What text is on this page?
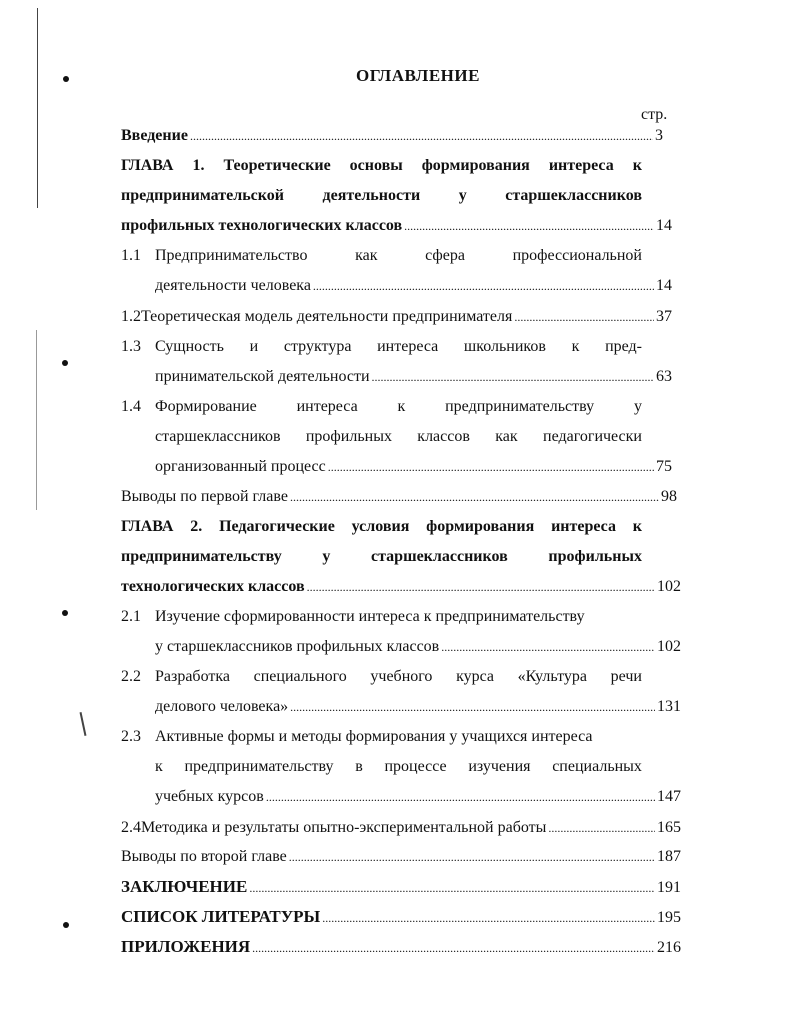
ОГЛАВЛЕНИЕ
стр.
Введение . . .	3
ГЛАВА 1. Теоретические основы формирования интереса к
предпринимательской деятельности у старшеклассников
профильных технологических классов . . .	14
1.1 Предпринимательство	как	сфера	профессиональной
деятельности человека . . .	14
1.2 Теоретическая модель деятельности предпринимателя . . .	37
1.3 Сущность и структура интереса школьников к пред-
принимательской деятельности . . .	63
1.4 Формирование интереса к предпринимательству у
старшеклассников профильных классов как педагогически
организованный процесс . . .	75
Выводы по первой главе . . .	98
ГЛАВА 2. Педагогические условия формирования интереса к
предпринимательству	у	старшеклассников	профильных
технологических классов . . .	102
2.1 Изучение сформированности интереса к предпринимательству
у старшеклассников профильных классов . . .	102
2.2 Разработка специального учебного курса «Культура речи
делового человека» . . .	131
2.3 Активные формы и методы формирования у учащихся интереса
к предпринимательству в процессе изучения специальных
учебных курсов . . .	147
2.4 Методика и результаты опытно-экспериментальной работы . . .	165
Выводы по второй главе . . .	187
ЗАКЛЮЧЕНИЕ . . .	191
СПИСОК ЛИТЕРАТУРЫ . . .	195
ПРИЛОЖЕНИЯ . . .	216
